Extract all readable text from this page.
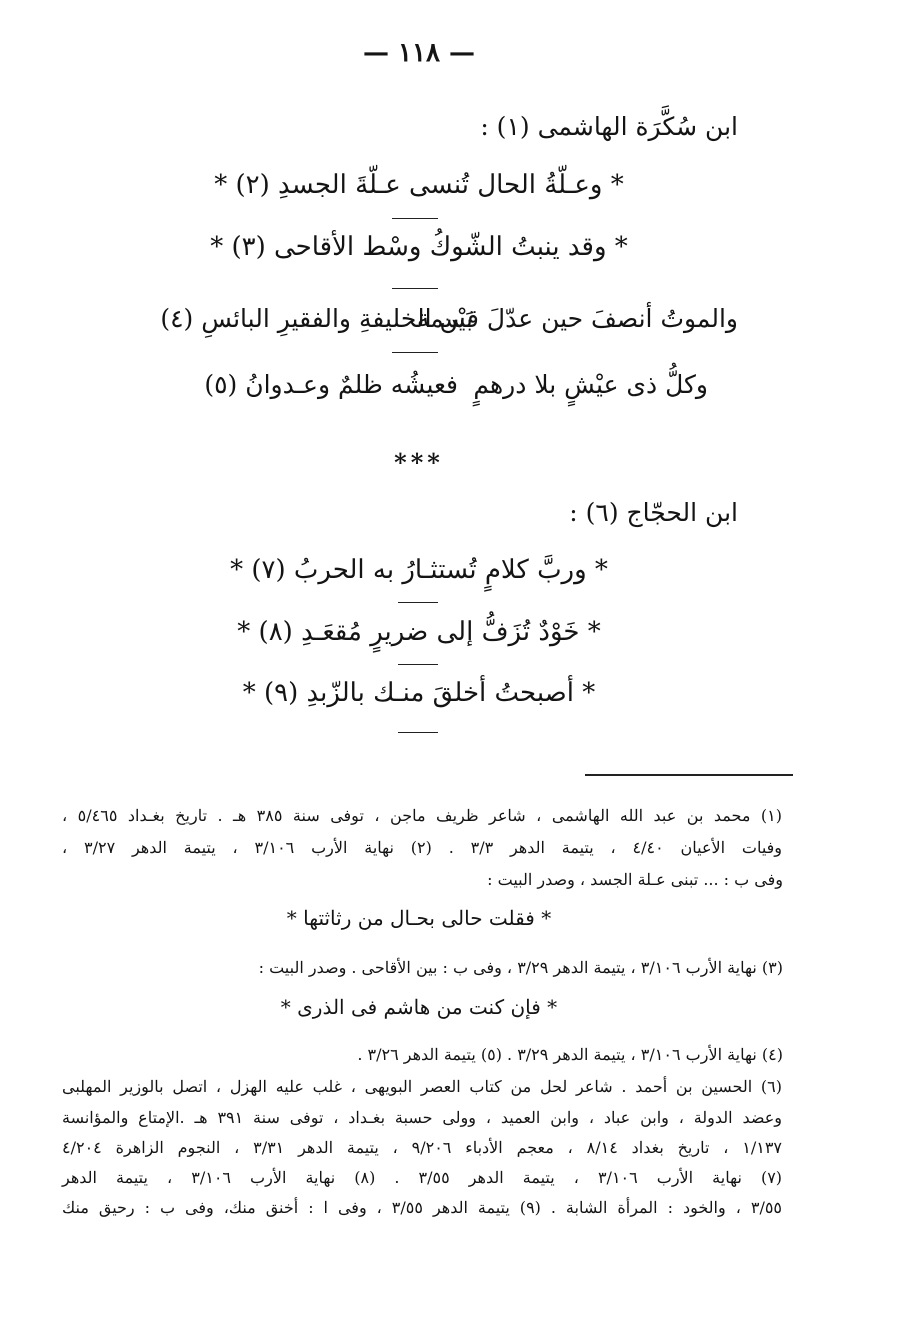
— ١١٨ —
ابن سُكَّرَة الهاشمى (١) :
* وعـلّةُ الحال تُنسى عـلّةَ الجسدِ (٢) *
* وقد ينبتُ الشّوكُ وسْط الأقاحى (٣) *
والموتُ أنصفَ حين عدّلَ قسمة
بَيْن الخليفةِ والفقيرِ البائسِ (٤)
وكلُّ ذى عيْشٍ بلا درهمٍ
فعيشُه ظلمٌ وعـدوانُ (٥)
***
ابن الحجّاج (٦) :
* وربَّ كلامٍ تُستثـارُ به الحربُ (٧) *
* خَوْدٌ تُزَفُّ إلى ضريرٍ مُقعَـدِ (٨) *
* أصبحتُ أخلقَ منـك بالزّبدِ (٩) *
(١) محمد بن عبد الله الهاشمى ، شاعر ظريف ماجن ، توفى سنة ٣٨٥ هـ . تاريخ بغـداد ٥/٤٦٥ ،
وفيات الأعيان ٤/٤٠ ، يتيمة الدهر ٣/٣ . (٢) نهاية الأرب ٣/١٠٦ ، يتيمة الدهر ٣/٢٧ ،
وفى ب : ... تبنى عـلة الجسد ، وصدر البيت :
* فقلت حالى بحـال من رثاثتها *
(٣) نهاية الأرب ٣/١٠٦ ، يتيمة الدهر ٣/٢٩ ، وفى ب : بين الأقاحى . وصدر البيت :
* فإن كنت من هاشم فى الذرى *
(٤) نهاية الأرب ٣/١٠٦ ، يتيمة الدهر ٣/٢٩ . (٥) يتيمة الدهر ٣/٢٦ .
(٦) الحسين بن أحمد . شاعر لحل من كتاب العصر البويهى ، غلب عليه الهزل ، اتصل بالوزير المهلبى
وعضد الدولة ، وابن عباد ، وابن العميد ، وولى حسبة بغـداد ، توفى سنة ٣٩١ هـ .الإمتاع والمؤانسة
١/١٣٧ ، تاريخ بغداد ٨/١٤ ، معجم الأدباء ٩/٢٠٦ ، يتيمة الدهر ٣/٣١ ، النجوم الزاهرة ٤/٢٠٤
(٧) نهاية الأرب ٣/١٠٦ ، يتيمة الدهر ٣/٥٥ . (٨) نهاية الأرب ٣/١٠٦ ، يتيمة الدهر
٣/٥٥ ، والخود : المرأة الشابة . (٩) يتيمة الدهر ٣/٥٥ ، وفى ا : أخنق منك، وفى ب : رحيق منك
